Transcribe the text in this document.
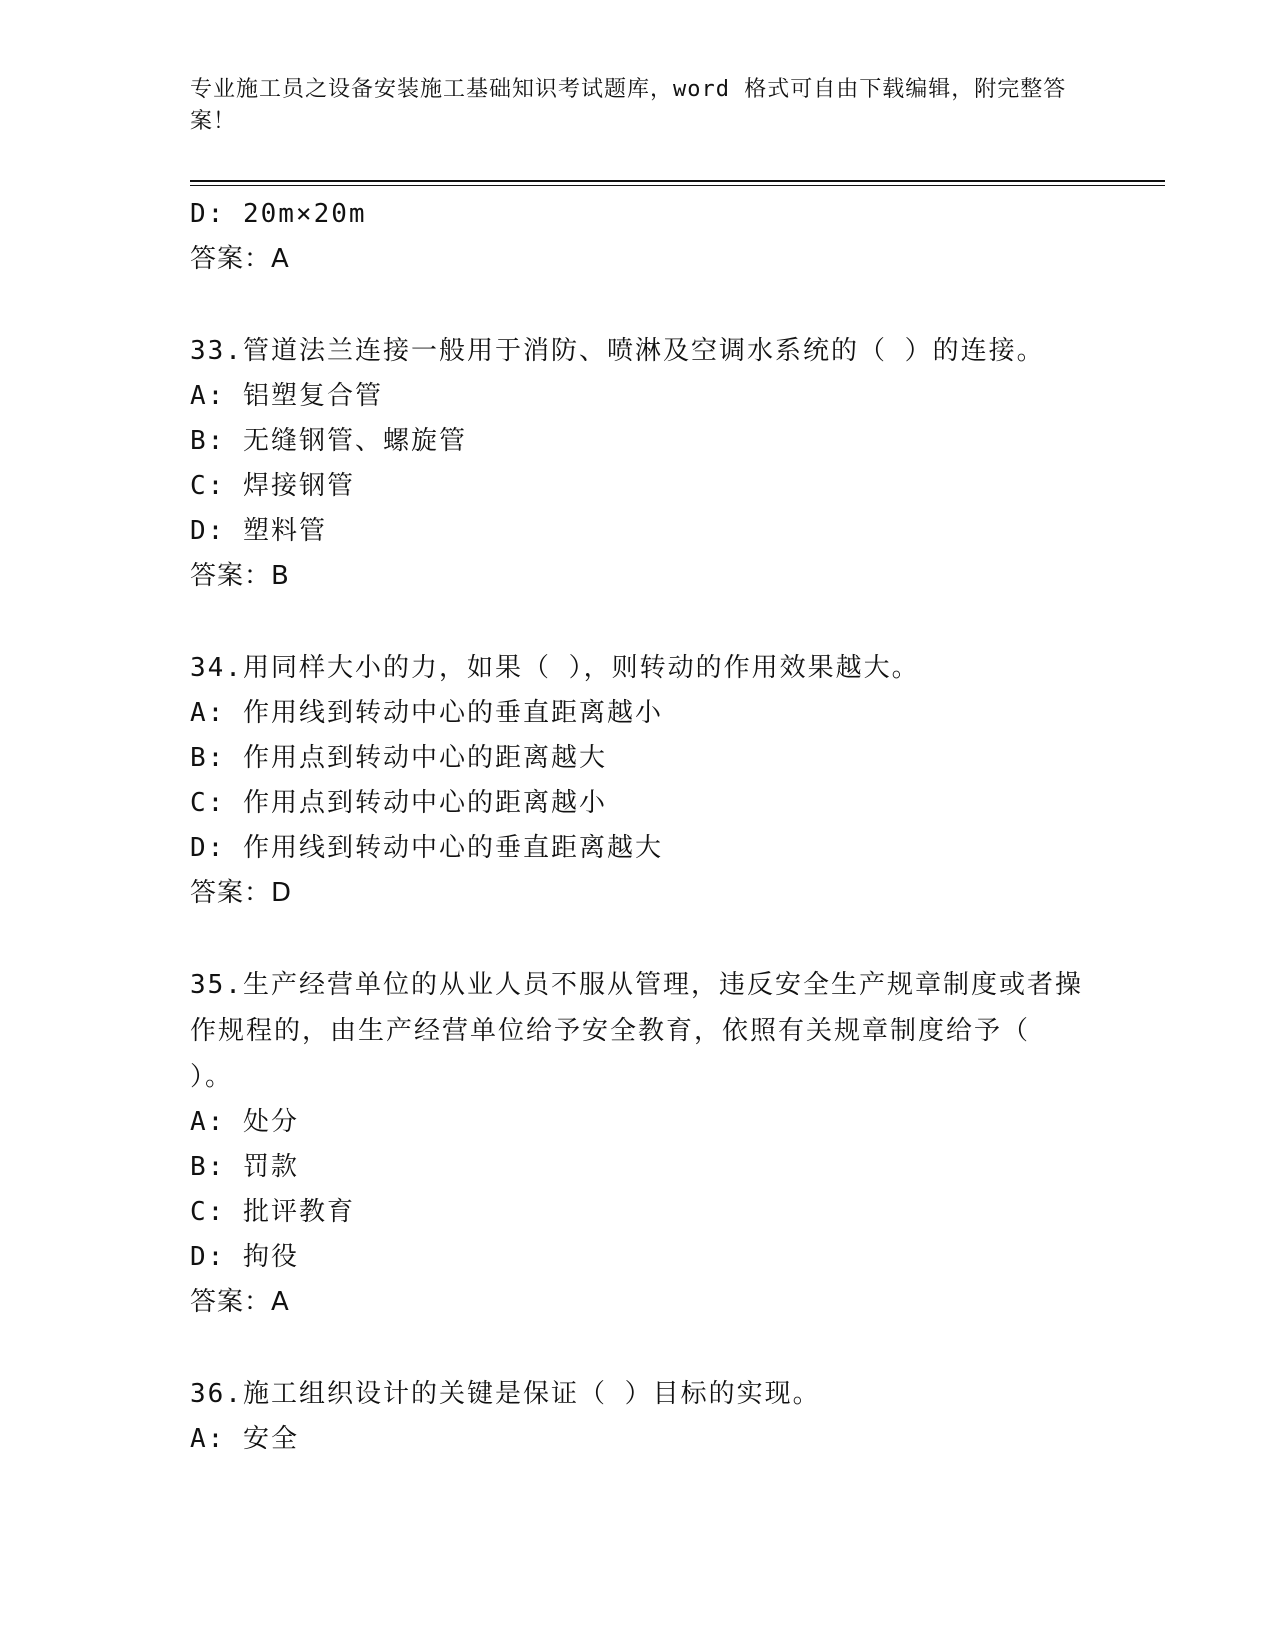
专业施工员之设备安装施工基础知识考试题库，word 格式可自由下载编辑，附完整答案！
D: 20m×20m
答案：A
33.管道法兰连接一般用于消防、喷淋及空调水系统的（ ）的连接。
A: 铝塑复合管
B: 无缝钢管、螺旋管
C: 焊接钢管
D: 塑料管
答案：B
34.用同样大小的力，如果（ ），则转动的作用效果越大。
A: 作用线到转动中心的垂直距离越小
B: 作用点到转动中心的距离越大
C: 作用点到转动中心的距离越小
D: 作用线到转动中心的垂直距离越大
答案：D
35.生产经营单位的从业人员不服从管理，违反安全生产规章制度或者操作规程的，由生产经营单位给予安全教育，依照有关规章制度给予（ ）。
A: 处分
B: 罚款
C: 批评教育
D: 拘役
答案：A
36.施工组织设计的关键是保证（ ）目标的实现。
A: 安全
